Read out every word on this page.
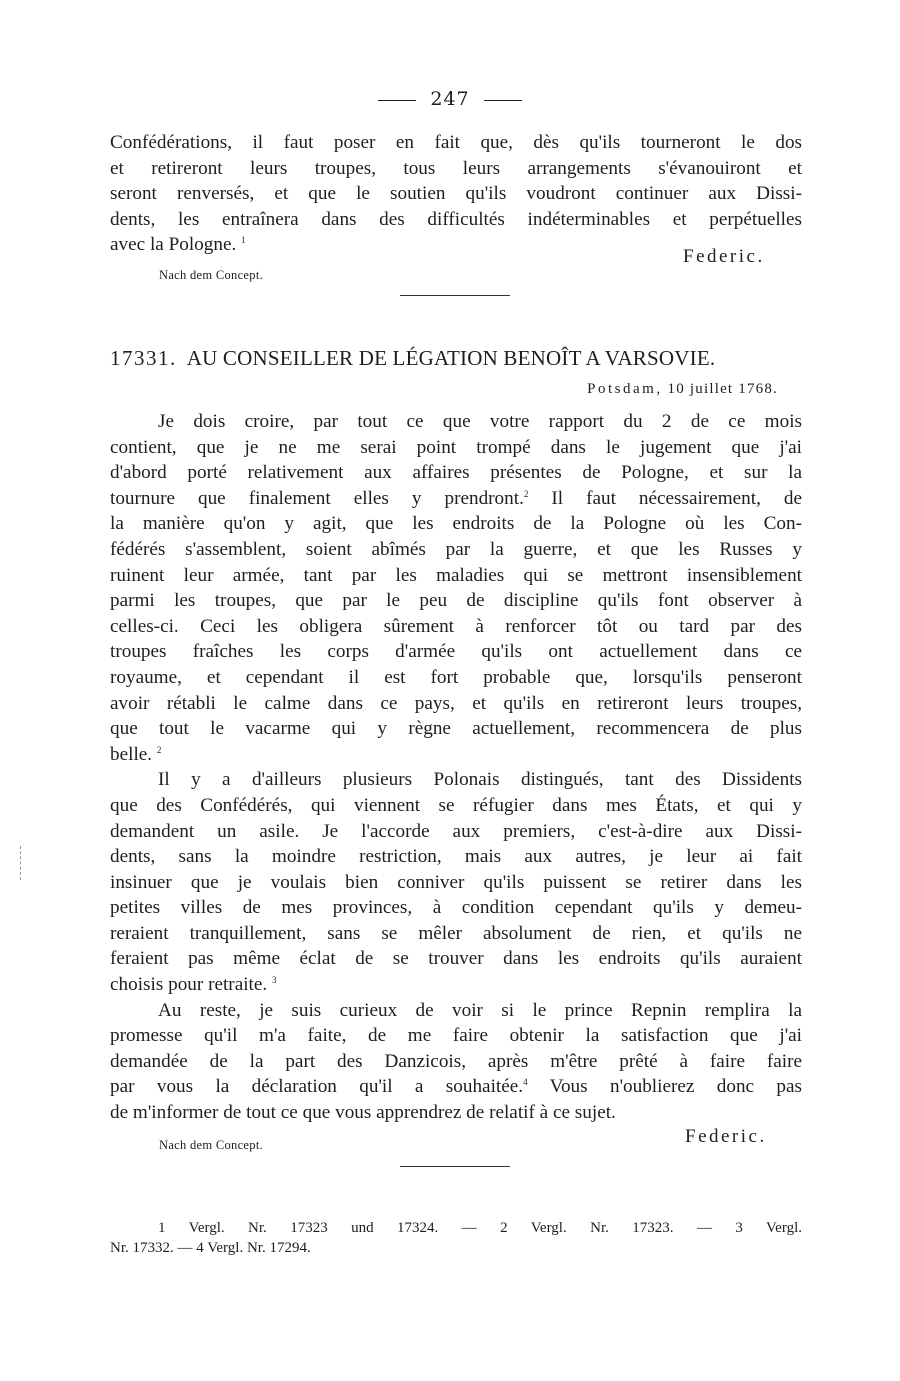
247
Confédérations, il faut poser en fait que, dès qu'ils tourneront le dos
et retireront leurs troupes, tous leurs arrangements s'évanouiront et
seront renversés, et que le soutien qu'ils voudront continuer aux Dissi-
dents, les entraînera dans des difficultés indéterminables et perpétuelles
avec la Pologne. $^1$
Federic.
Nach dem Concept.
17331. AU CONSEILLER DE LÉGATION BENOÎT A VARSOVIE.
Potsdam, 10 juillet 1768.
Je dois croire, par tout ce que votre rapport du 2 de ce mois
contient, que je ne me serai point trompé dans le jugement que j'ai
d'abord porté relativement aux affaires présentes de Pologne, et sur la
tournure que finalement elles y prendront.$^2$ Il faut nécessairement, de
la manière qu'on y agit, que les endroits de la Pologne où les Con-
fédérés s'assemblent, soient abîmés par la guerre, et que les Russes y
ruinent leur armée, tant par les maladies qui se mettront insensiblement
parmi les troupes, que par le peu de discipline qu'ils font observer à
celles-ci. Ceci les obligera sûrement à renforcer tôt ou tard par des
troupes fraîches les corps d'armée qu'ils ont actuellement dans ce
royaume, et cependant il est fort probable que, lorsqu'ils penseront
avoir rétabli le calme dans ce pays, et qu'ils en retireront leurs troupes,
que tout le vacarme qui y règne actuellement, recommencera de plus
belle. $^2$
Il y a d'ailleurs plusieurs Polonais distingués, tant des Dissidents
que des Confédérés, qui viennent se réfugier dans mes États, et qui y
demandent un asile. Je l'accorde aux premiers, c'est-à-dire aux Dissi-
dents, sans la moindre restriction, mais aux autres, je leur ai fait
insinuer que je voulais bien conniver qu'ils puissent se retirer dans les
petites villes de mes provinces, à condition cependant qu'ils y demeu-
reraient tranquillement, sans se mêler absolument de rien, et qu'ils ne
feraient pas même éclat de se trouver dans les endroits qu'ils auraient
choisis pour retraite. $^3$
Au reste, je suis curieux de voir si le prince Repnin remplira la
promesse qu'il m'a faite, de me faire obtenir la satisfaction que j'ai
demandée de la part des Danzicois, après m'être prêté à faire faire
par vous la déclaration qu'il a souhaitée.$^4$ Vous n'oublierez donc pas
de m'informer de tout ce que vous apprendrez de relatif à ce sujet.
Nach dem Concept.	Federic.
1 Vergl. Nr. 17323 und 17324. — 2 Vergl. Nr. 17323. — 3 Vergl.
Nr. 17332. — 4 Vergl. Nr. 17294.
